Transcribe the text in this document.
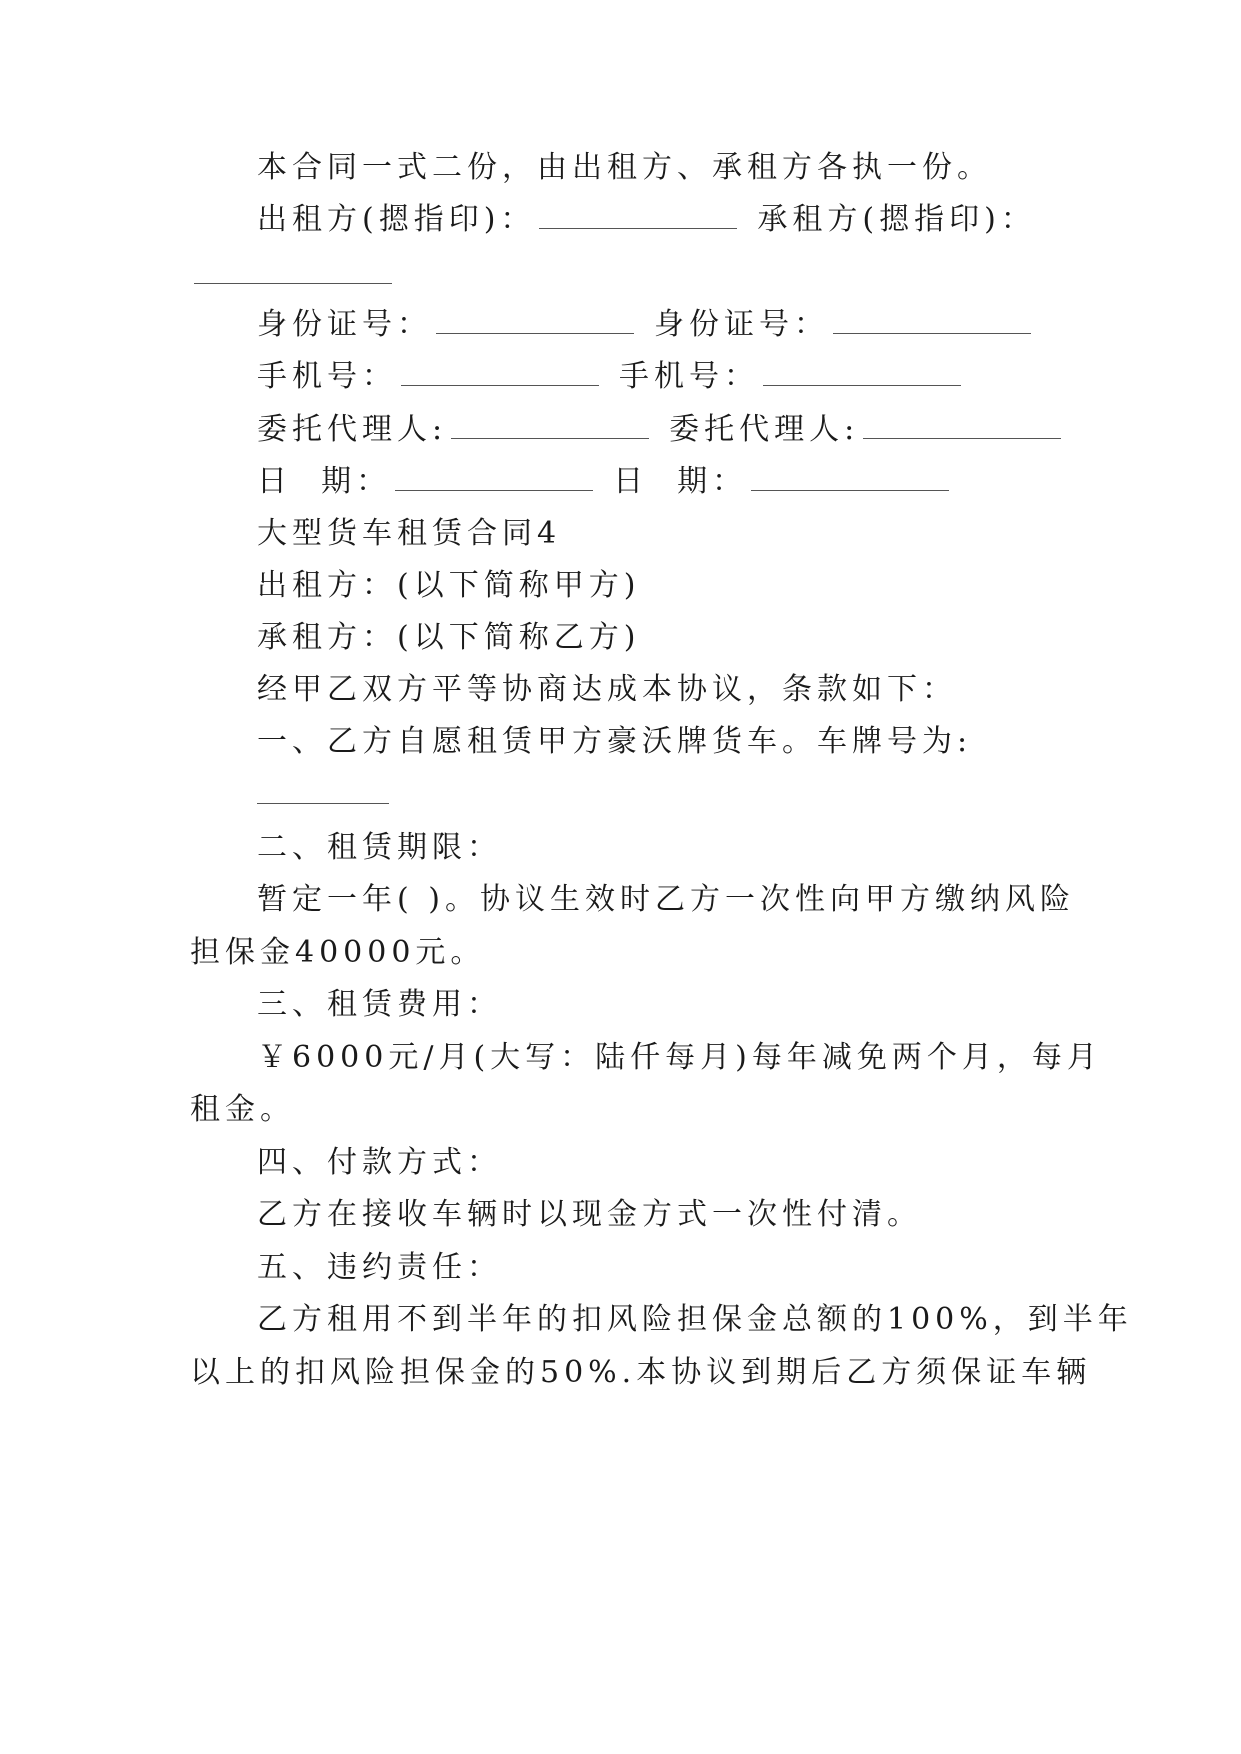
本合同一式二份，由出租方、承租方各执一份。
出租方(摁指印)：	承租方(摁指印)：
身份证号：	身份证号：
手机号：	手机号：
委托代理人:	委托代理人:
日  期：	日  期：
大型货车租赁合同4
出租方：(以下简称甲方)
承租方：(以下简称乙方)
经甲乙双方平等协商达成本协议，条款如下：
一、乙方自愿租赁甲方豪沃牌货车。车牌号为:
二、租赁期限：
暂定一年( )。协议生效时乙方一次性向甲方缴纳风险
担保金40000元。
三、租赁费用：
￥6000元/月(大写：陆仟每月)每年减免两个月，每月
租金。
四、付款方式：
乙方在接收车辆时以现金方式一次性付清。
五、违约责任：
乙方租用不到半年的扣风险担保金总额的100%，到半年
以上的扣风险担保金的50%.本协议到期后乙方须保证车辆
